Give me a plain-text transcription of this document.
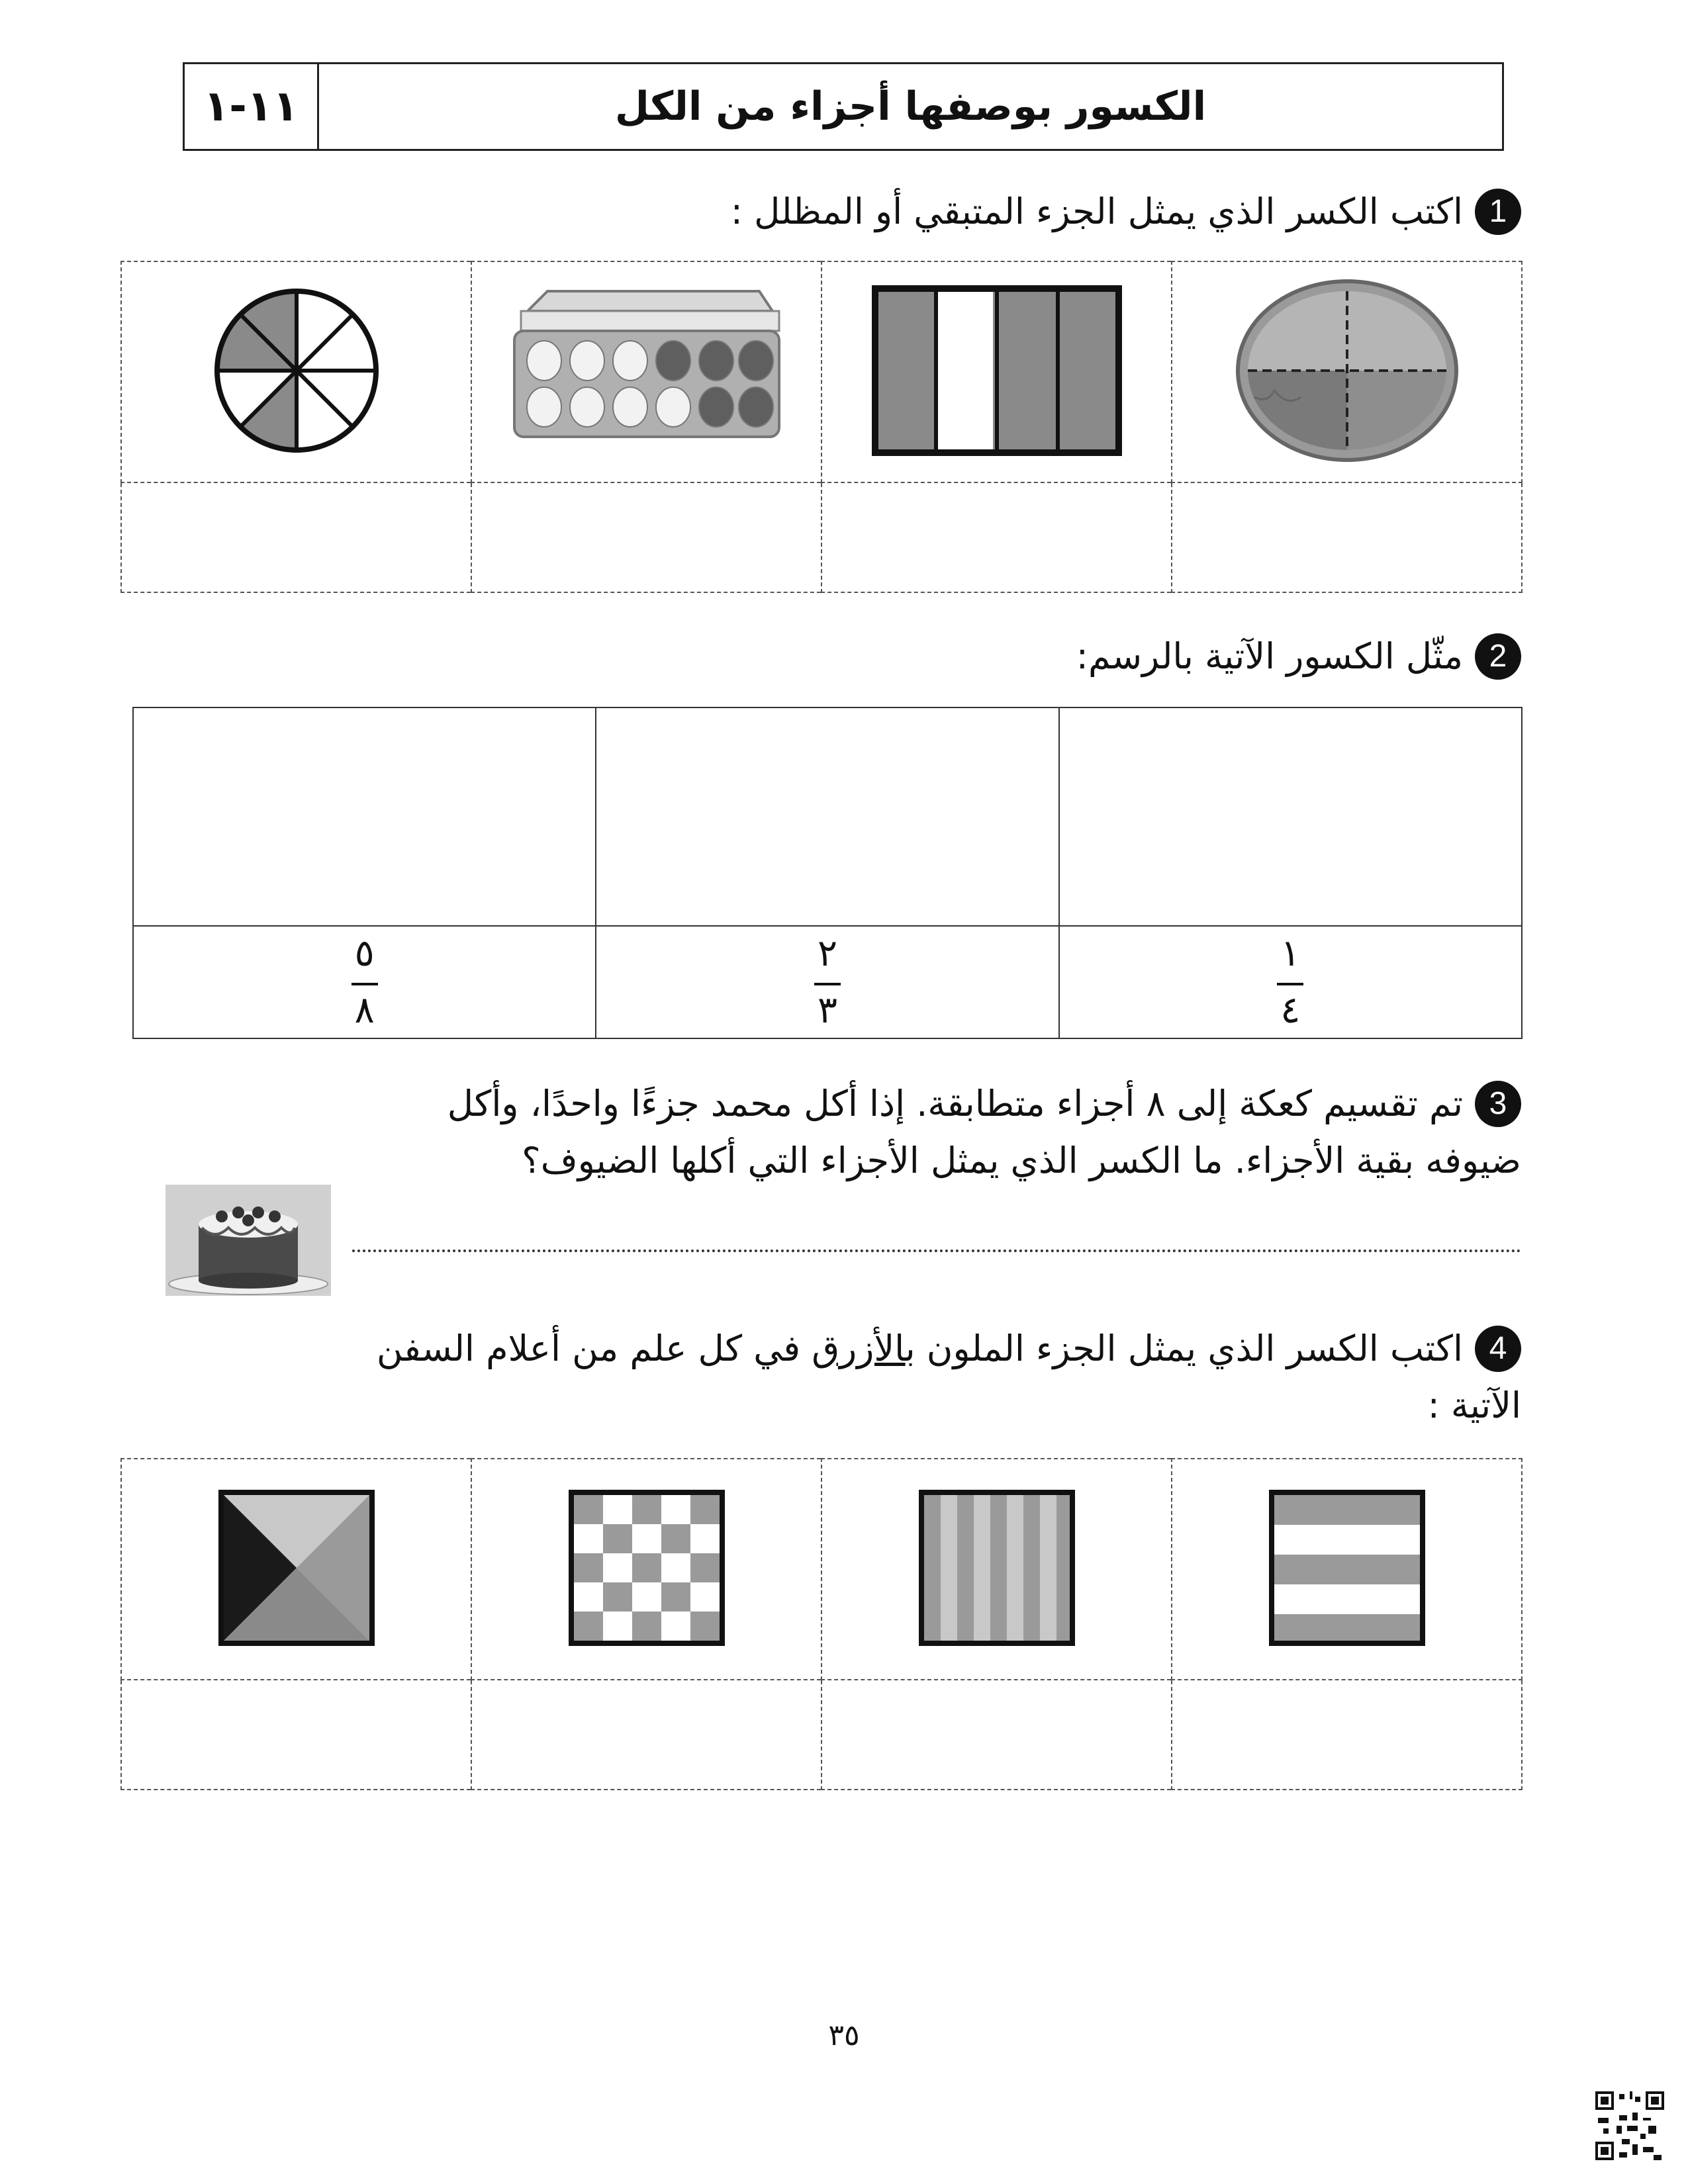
الكسور بوصفها أجزاء من الكل
١١-١
1
اكتب الكسر الذي يمثل الجزء المتبقي أو المظلل :

2
مثّل الكسور الآتية بالرسم:

$\frac{١}{٤}$	$\frac{٢}{٣}$	$\frac{٥}{٨}$
3
تم تقسيم كعكة إلى ٨ أجزاء متطابقة. إذا أكل محمد جزءًا واحدًا، وأكل
ضيوفه بقية الأجزاء. ما الكسر الذي يمثل الأجزاء التي أكلها الضيوف؟
4
اكتب الكسر الذي يمثل الجزء الملون بالأزرق في كل علم من أعلام السفن
الآتية :

٣٥
